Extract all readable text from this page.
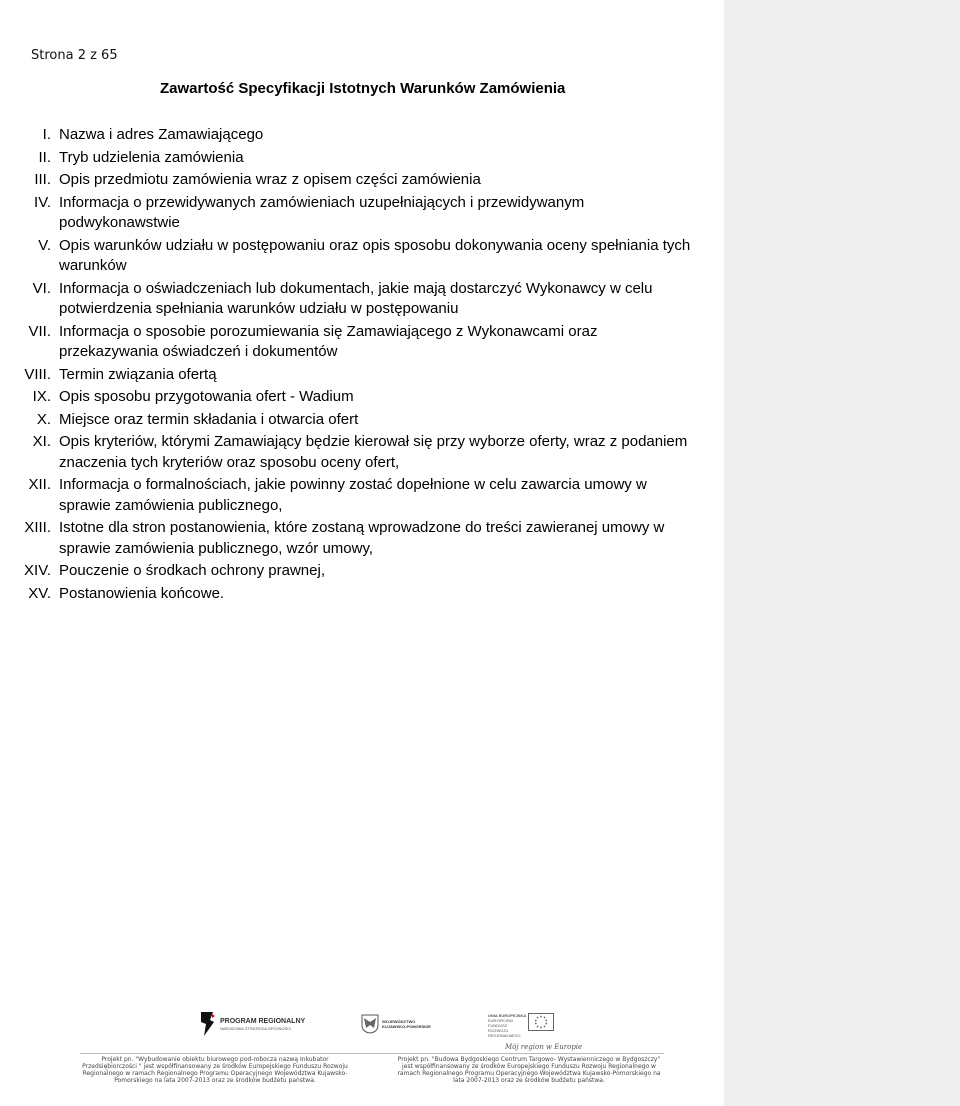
Strona 2 z 65
Zawartość Specyfikacji Istotnych Warunków Zamówienia
I. Nazwa i adres Zamawiającego
II. Tryb udzielenia zamówienia
III. Opis przedmiotu zamówienia wraz z opisem części zamówienia
IV. Informacja o przewidywanych zamówieniach uzupełniających i przewidywanym podwykonawstwie
V. Opis warunków udziału w postępowaniu oraz opis sposobu dokonywania oceny spełniania tych warunków
VI. Informacja o oświadczeniach lub dokumentach, jakie mają dostarczyć Wykonawcy w celu potwierdzenia spełniania warunków udziału w postępowaniu
VII. Informacja o sposobie porozumiewania się Zamawiającego z Wykonawcami oraz przekazywania oświadczeń i dokumentów
VIII. Termin związania ofertą
IX. Opis sposobu przygotowania ofert - Wadium
X. Miejsce oraz termin składania i otwarcia ofert
XI. Opis kryteriów, którymi Zamawiający będzie kierował się przy wyborze oferty, wraz z podaniem znaczenia tych kryteriów oraz sposobu oceny ofert,
XII. Informacja o formalnościach, jakie powinny zostać dopełnione w celu zawarcia umowy w sprawie zamówienia publicznego,
XIII. Istotne dla stron postanowienia, które zostaną wprowadzone do treści zawieranej umowy w sprawie zamówienia publicznego, wzór umowy,
XIV. Pouczenie o środkach ochrony prawnej,
XV. Postanowienia końcowe.
PROGRAM REGIONALNY
NARODOWA STRATEGIA SPÓJNOŚCI
WOJEWÓDZTWO
KUJAWSKO-POMORSKIE
UNIA EUROPEJSKA
EUROPEJSKI FUNDUSZ
ROZWOJU REGIONALNEGO
Mój region w Europie
Projekt pn. "Wybudowanie obiektu biurowego pod-robocza nazwą Inkubator Przedsiębiorczości " jest współfinansowany ze środków Europejskiego Funduszu Rozwoju Regionalnego w ramach Regionalnego Programu Operacyjnego Województwa Kujawsko-Pomorskiego na lata 2007-2013 oraz ze środków budżetu państwa.
Projekt pn. "Budowa Bydgoskiego Centrum Targowo- Wystawienniczego w Bydgoszczy" jest współfinansowany ze środków Europejskiego Funduszu Rozwoju Regionalnego w ramach Regionalnego Programu Operacyjnego Województwa Kujawsko-Pomorskiego na lata 2007-2013 oraz ze środków budżetu państwa.
